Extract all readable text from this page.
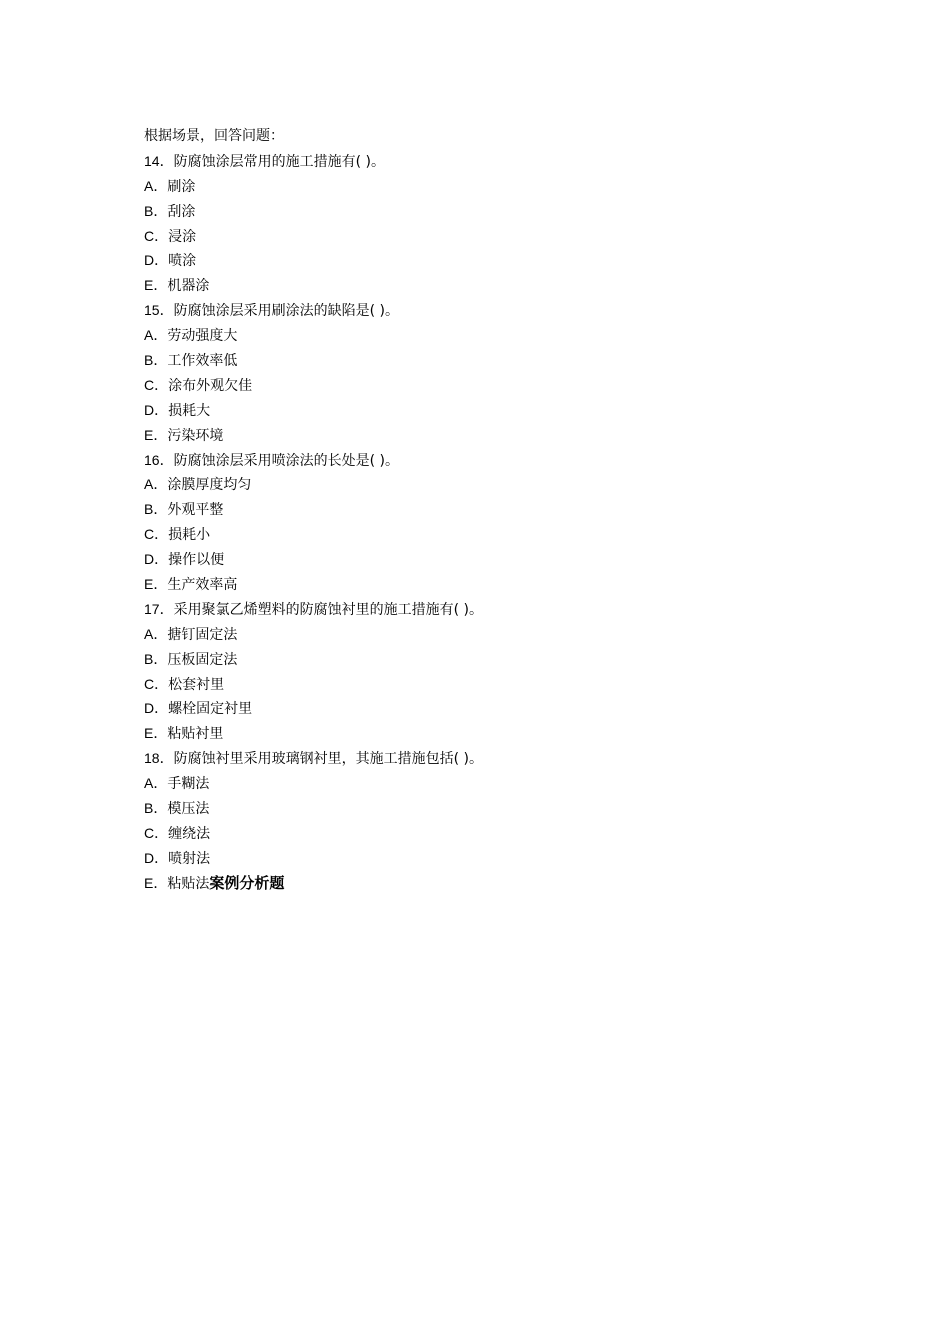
根据场景，回答问题：
14．防腐蚀涂层常用的施工措施有( )。
A．刷涂
B．刮涂
C．浸涂
D．喷涂
E．机器涂
15．防腐蚀涂层采用刷涂法的缺陷是( )。
A．劳动强度大
B．工作效率低
C．涂布外观欠佳
D．损耗大
E．污染环境
16．防腐蚀涂层采用喷涂法的长处是( )。
A．涂膜厚度均匀
B．外观平整
C．损耗小
D．操作以便
E．生产效率高
17．采用聚氯乙烯塑料的防腐蚀衬里的施工措施有( )。
A．搪钉固定法
B．压板固定法
C．松套衬里
D．螺栓固定衬里
E．粘贴衬里
18．防腐蚀衬里采用玻璃钢衬里，其施工措施包括( )。
A．手糊法
B．模压法
C．缠绕法
D．喷射法
E．粘贴法案例分析题
